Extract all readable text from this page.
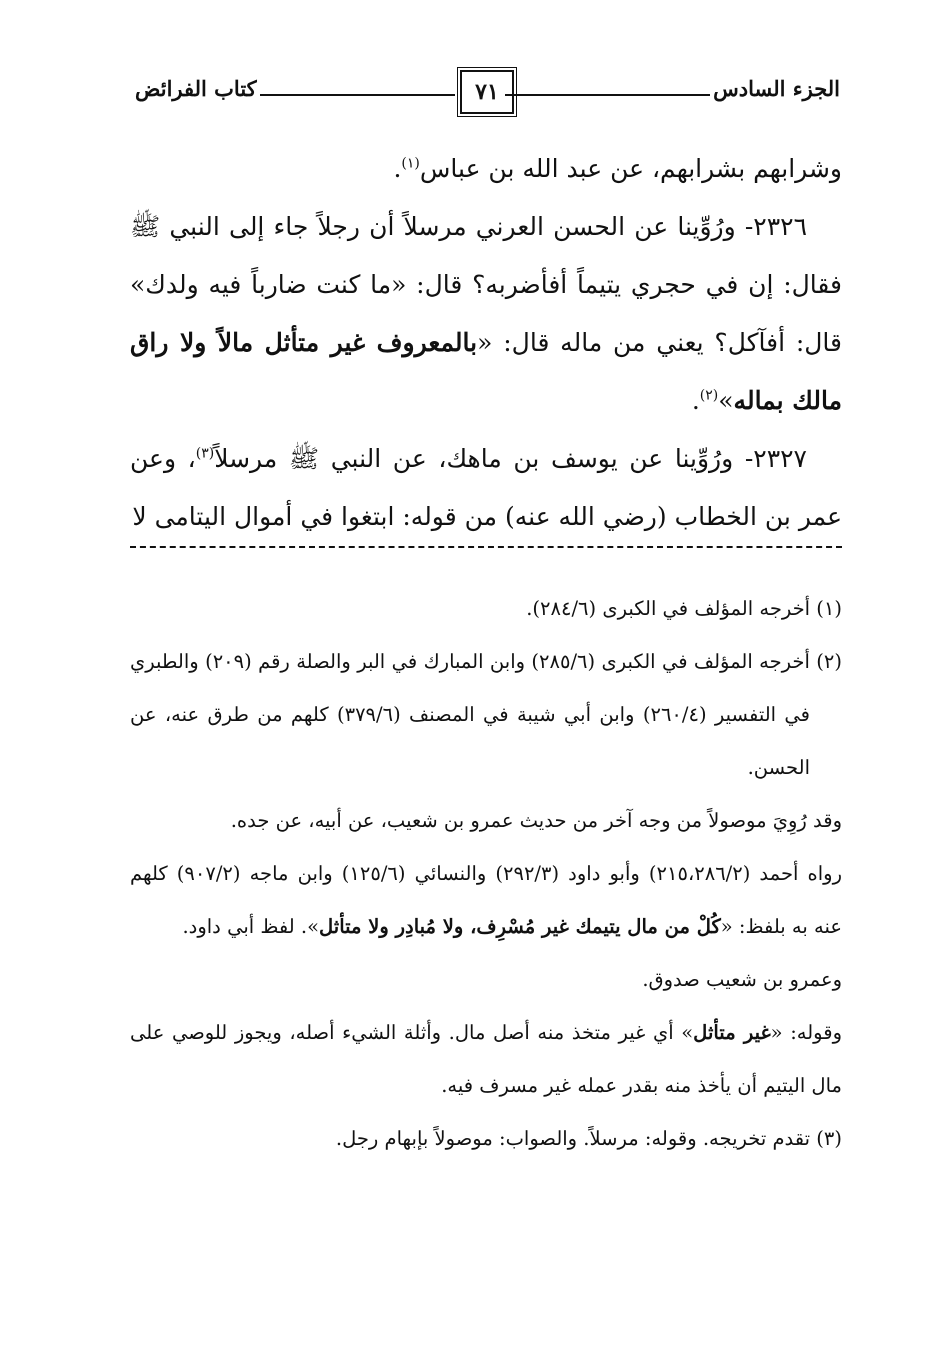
الجزء السادس
٧١
كتاب الفرائض

وشرابهم بشرابهم، عن عبد الله بن عباس$^{(١)}$.

٢٣٢٦- ورُوِّينا عن الحسن العرني مرسلاً أن رجلاً جاء إلى النبي ﷺ فقال: إن في حجري يتيماً أفأضربه؟ قال: «ما كنت ضارباً فيه ولدك» قال: أفآكل؟ يعني من ماله قال: «بالمعروف غير متأثل مالاً ولا راق مالك بماله»$^{(٢)}$.

٢٣٢٧- ورُوِّينا عن يوسف بن ماهك، عن النبي ﷺ مرسلاً$^{(٣)}$، وعن عمر بن الخطاب (رضي الله عنه) من قوله: ابتغوا في أموال اليتامى لا

(١) أخرجه المؤلف في الكبرى (٢٨٤/٦).

(٢) أخرجه المؤلف في الكبرى (٢٨٥/٦) وابن المبارك في البر والصلة رقم (٢٠٩) والطبري في التفسير (٢٦٠/٤) وابن أبي شيبة في المصنف (٣٧٩/٦) كلهم من طرق عنه، عن الحسن.

وقد رُوِيَ موصولاً من وجه آخر من حديث عمرو بن شعيب، عن أبيه، عن جده.

رواه أحمد (٢١٥،٢٨٦/٢) وأبو داود (٢٩٢/٣) والنسائي (١٢٥/٦) وابن ماجه (٩٠٧/٢) كلهم عنه به بلفظ: «كُلْ من مال يتيمك غير مُسْرِف، ولا مُبادِر ولا متأثل». لفظ أبي داود.

وعمرو بن شعيب صدوق.

وقوله: «غير متأثل» أي غير متخذ منه أصل مال. وأثلة الشيء أصله، ويجوز للوصي على مال اليتيم أن يأخذ منه بقدر عمله غير مسرف فيه.

(٣) تقدم تخريجه. وقوله: مرسلاً. والصواب: موصولاً بإبهام رجل.
